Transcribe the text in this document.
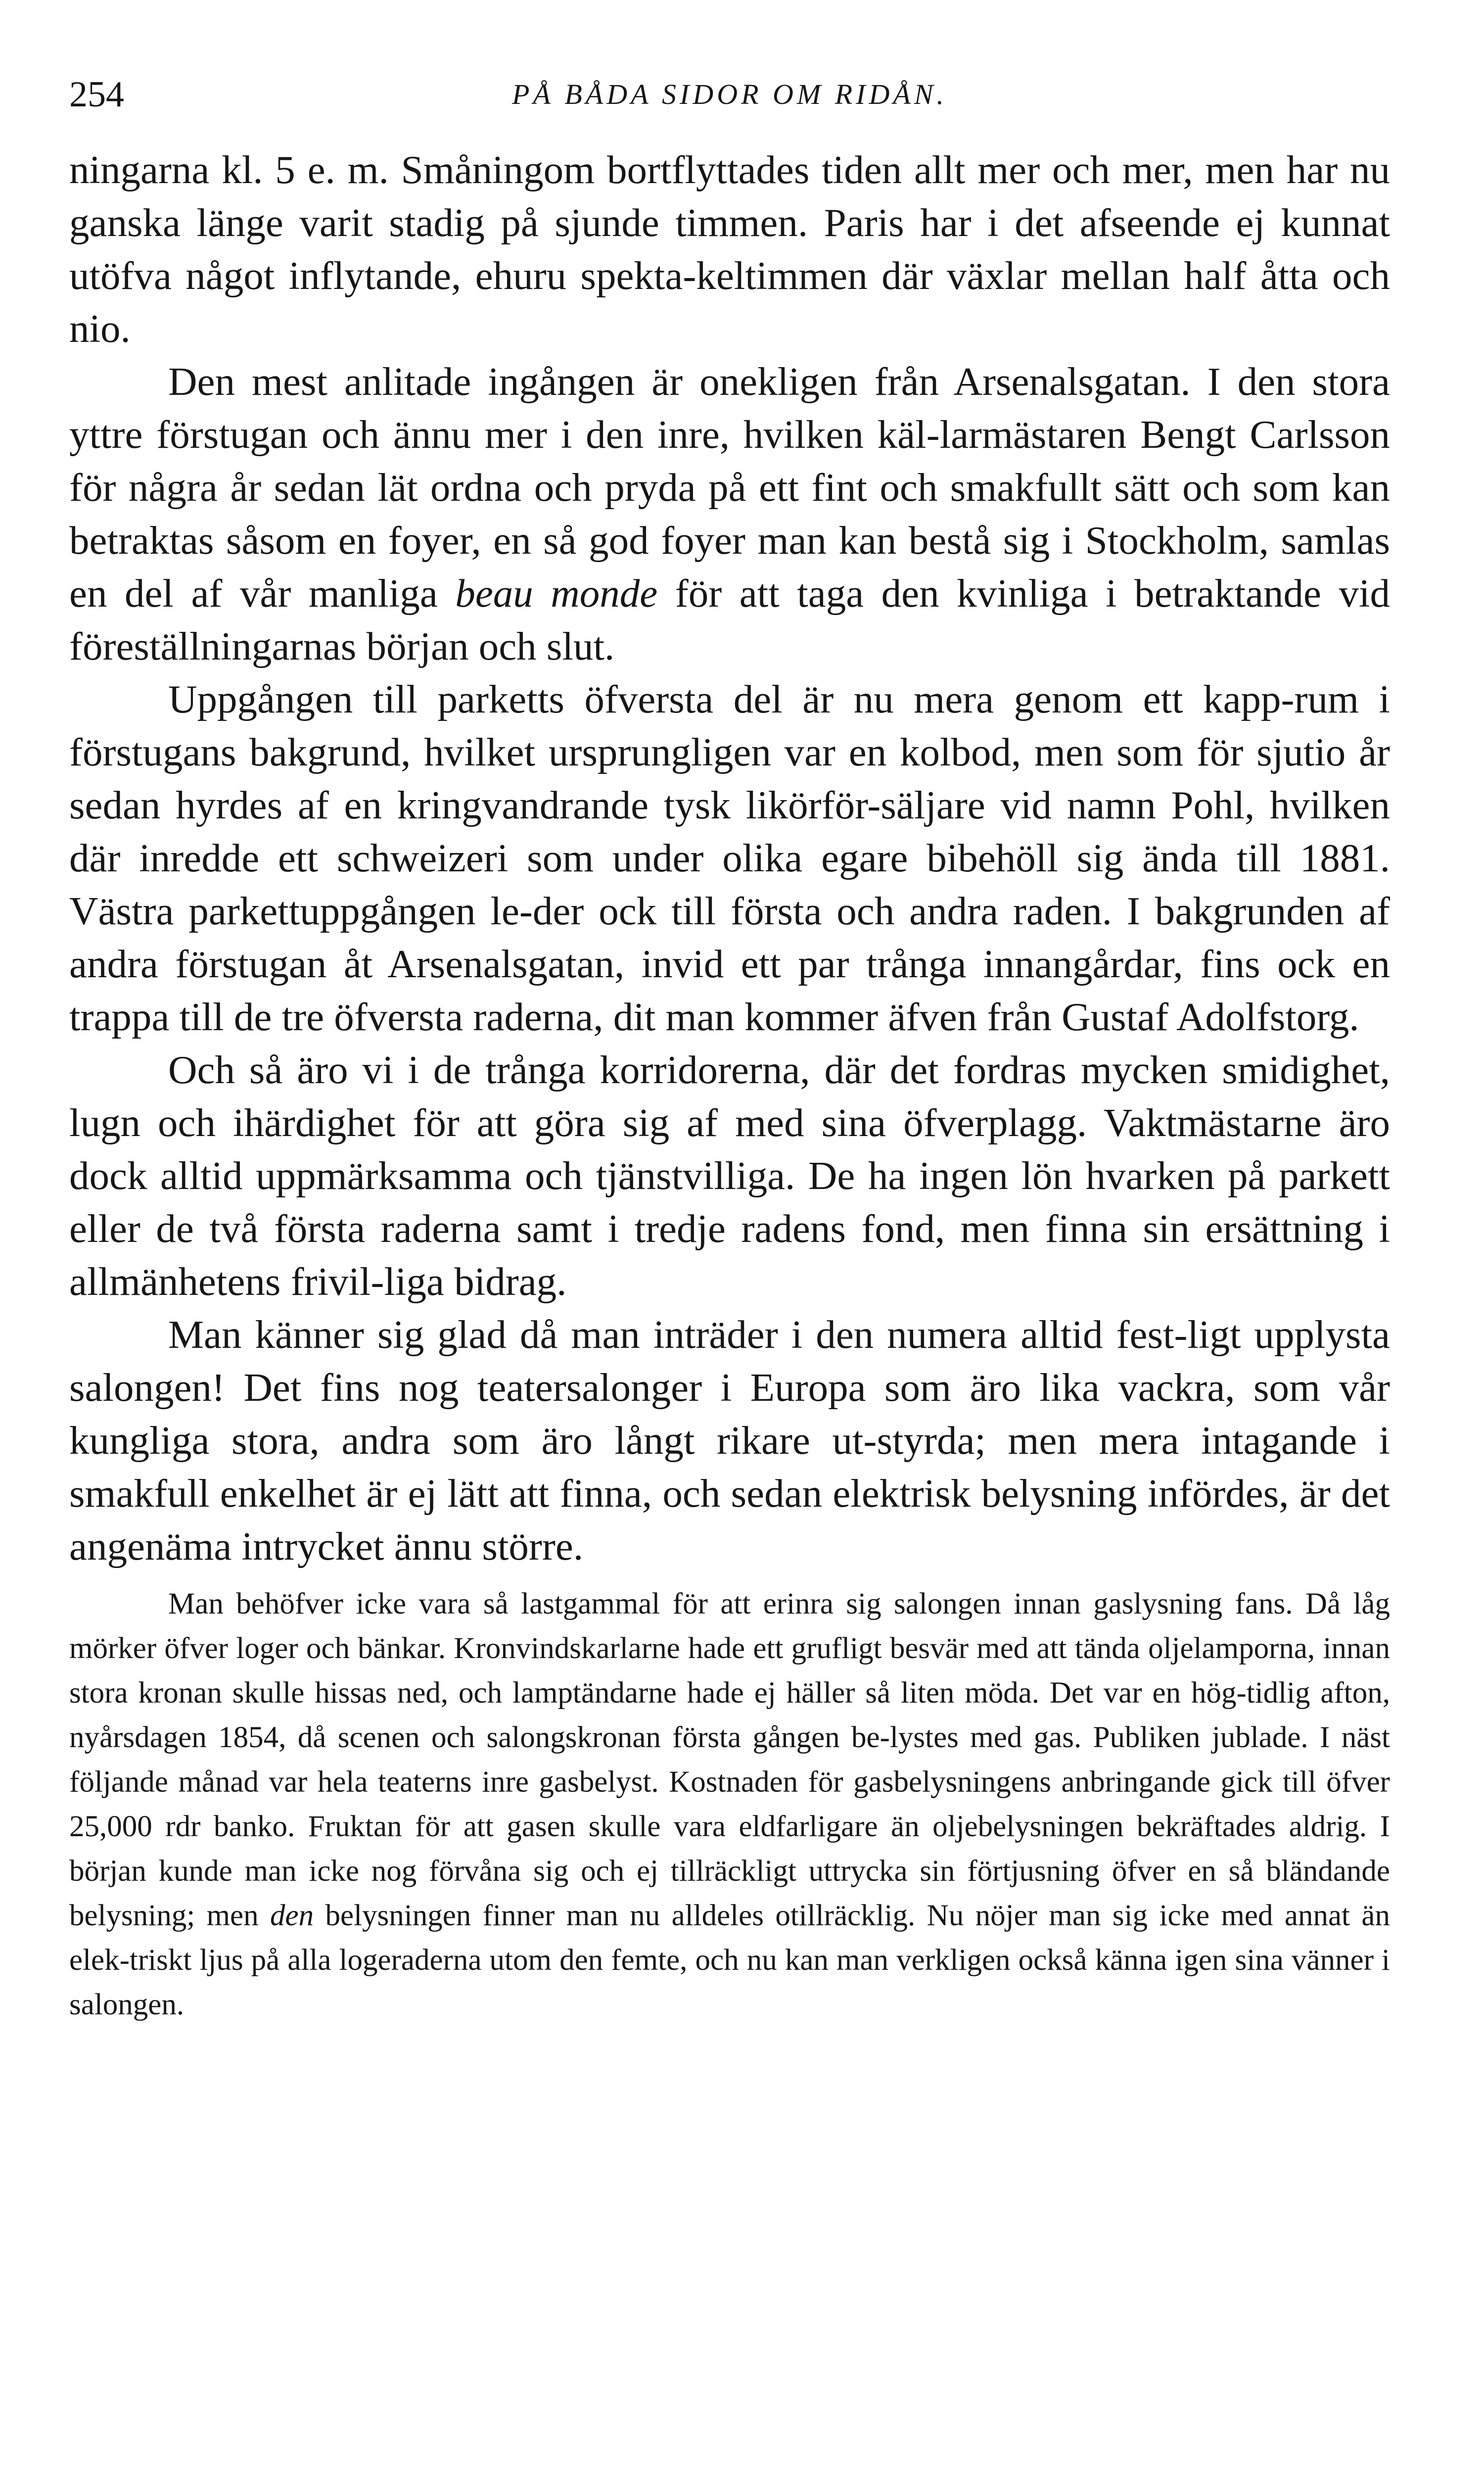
254	PÅ BÅDA SIDOR OM RIDÅN.

ningarna kl. 5 e. m. Småningom bortflyttades tiden allt mer och mer, men har nu ganska länge varit stadig på sjunde timmen. Paris har i det afseende ej kunnat utöfva något inflytande, ehuru spekta-keltimmen där växlar mellan half åtta och nio.

Den mest anlitade ingången är onekligen från Arsenalsgatan. I den stora yttre förstugan och ännu mer i den inre, hvilken käl-larmästaren Bengt Carlsson för några år sedan lät ordna och pryda på ett fint och smakfullt sätt och som kan betraktas såsom en foyer, en så god foyer man kan bestå sig i Stockholm, samlas en del af vår manliga beau monde för att taga den kvinliga i betraktande vid föreställningarnas början och slut.

Uppgången till parketts öfversta del är nu mera genom ett kapp-rum i förstugans bakgrund, hvilket ursprungligen var en kolbod, men som för sjutio år sedan hyrdes af en kringvandrande tysk likörför-säljare vid namn Pohl, hvilken där inredde ett schweizeri som under olika egare bibehöll sig ända till 1881. Västra parkettuppgången le-der ock till första och andra raden. I bakgrunden af andra förstugan åt Arsenalsgatan, invid ett par trånga innangårdar, fins ock en trappa till de tre öfversta raderna, dit man kommer äfven från Gustaf Adolfstorg.

Och så äro vi i de trånga korridorerna, där det fordras mycken smidighet, lugn och ihärdighet för att göra sig af med sina öfverplagg. Vaktmästarne äro dock alltid uppmärksamma och tjänstvilliga. De ha ingen lön hvarken på parkett eller de två första raderna samt i tredje radens fond, men finna sin ersättning i allmänhetens frivil-liga bidrag.

Man känner sig glad då man inträder i den numera alltid fest-ligt upplysta salongen! Det fins nog teatersalonger i Europa som äro lika vackra, som vår kungliga stora, andra som äro långt rikare ut-styrda; men mera intagande i smakfull enkelhet är ej lätt att finna, och sedan elektrisk belysning infördes, är det angenäma intrycket ännu större.

Man behöfver icke vara så lastgammal för att erinra sig salongen innan gaslysning fans. Då låg mörker öfver loger och bänkar. Kronvindskarlarne hade ett grufligt besvär med att tända oljelamporna, innan stora kronan skulle hissas ned, och lamptändarne hade ej häller så liten möda. Det var en hög-tidlig afton, nyårsdagen 1854, då scenen och salongskronan första gången be-lystes med gas. Publiken jublade. I näst följande månad var hela teaterns inre gasbelyst. Kostnaden för gasbelysningens anbringande gick till öfver 25,000 rdr banko. Fruktan för att gasen skulle vara eldfarligare än oljebelysningen bekräftades aldrig. I början kunde man icke nog förvåna sig och ej tillräckligt uttrycka sin förtjusning öfver en så bländande belysning; men den belysningen finner man nu alldeles otillräcklig. Nu nöjer man sig icke med annat än elek-triskt ljus på alla logeraderna utom den femte, och nu kan man verkligen också känna igen sina vänner i salongen.
